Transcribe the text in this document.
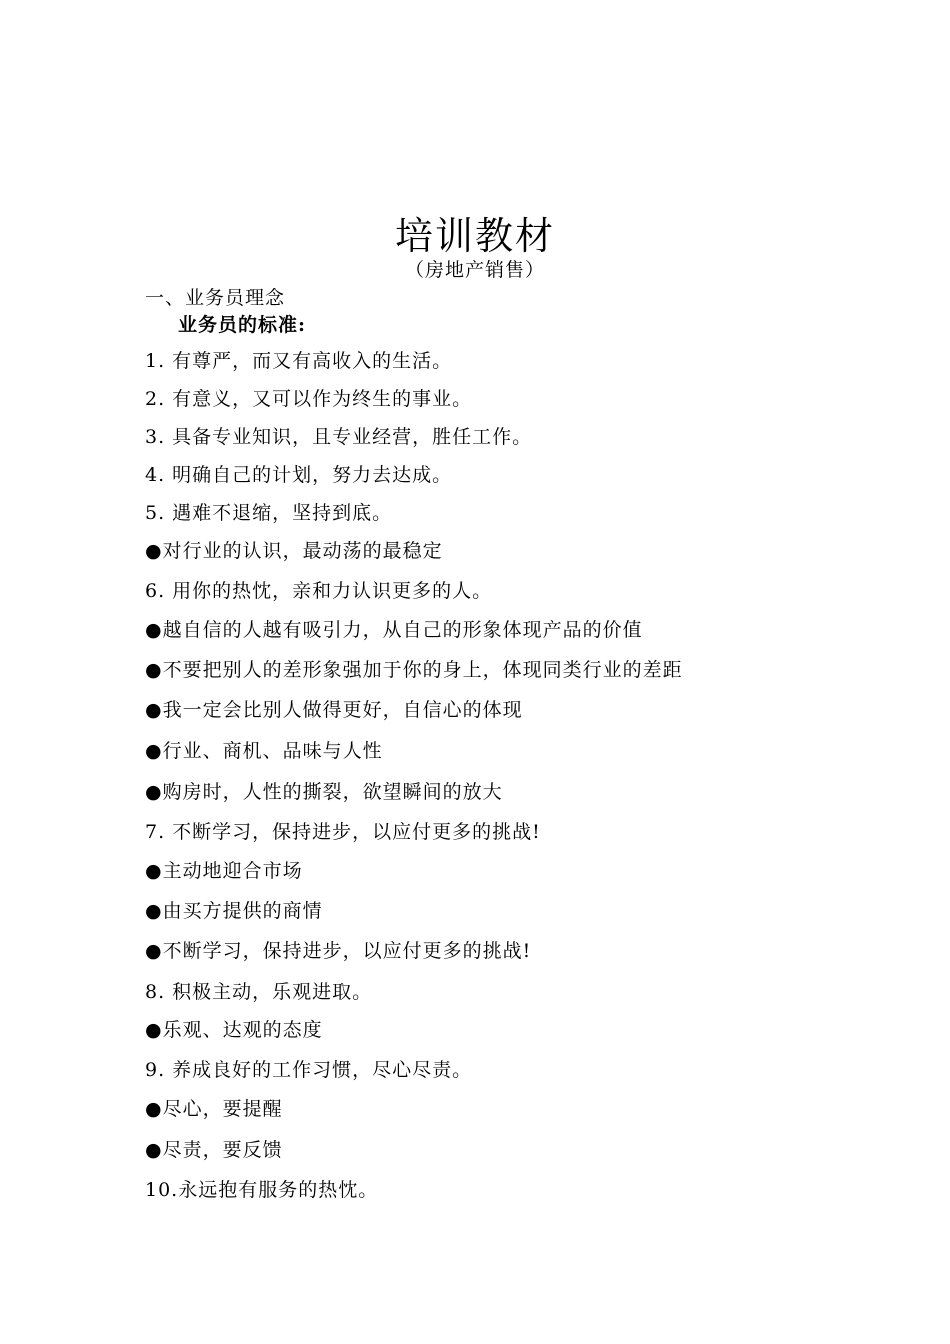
培训教材
（房地产销售）
一、业务员理念
业务员的标准:
1. 有尊严，而又有高收入的生活。
2. 有意义，又可以作为终生的事业。
3. 具备专业知识，且专业经营，胜任工作。
4. 明确自己的计划，努力去达成。
5. 遇难不退缩，坚持到底。
●对行业的认识，最动荡的最稳定
6. 用你的热忱，亲和力认识更多的人。
●越自信的人越有吸引力，从自己的形象体现产品的价值
●不要把别人的差形象强加于你的身上，体现同类行业的差距
●我一定会比别人做得更好，自信心的体现
●行业、商机、品味与人性
●购房时，人性的撕裂，欲望瞬间的放大
7. 不断学习，保持进步，以应付更多的挑战!
●主动地迎合市场
●由买方提供的商情
●不断学习，保持进步，以应付更多的挑战!
8. 积极主动，乐观进取。
●乐观、达观的态度
9. 养成良好的工作习惯，尽心尽责。
●尽心，要提醒
●尽责，要反馈
10.永远抱有服务的热忱。
